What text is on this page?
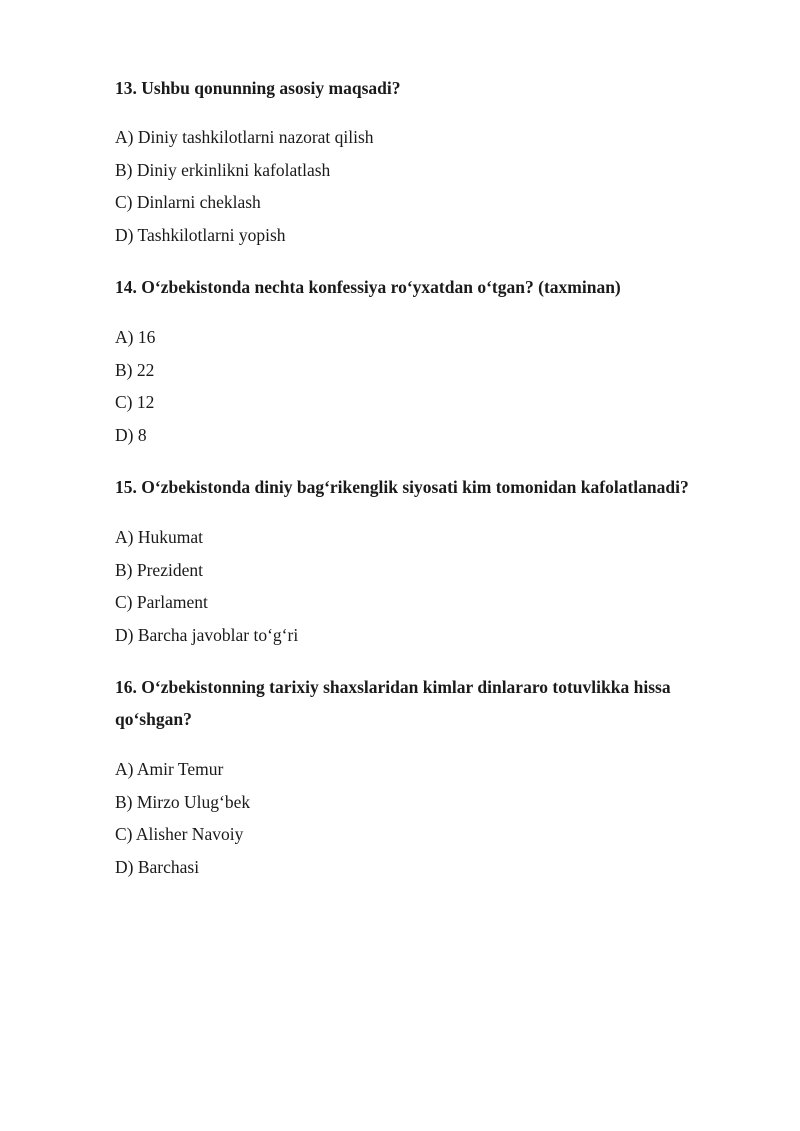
13. Ushbu qonunning asosiy maqsadi?

A) Diniy tashkilotlarni nazorat qilish
B) Diniy erkinlikni kafolatlash
C) Dinlarni cheklash
D) Tashkilotlarni yopish

14. O‘zbekistonda nechta konfessiya ro‘yxatdan o‘tgan? (taxminan)

A) 16
B) 22
C) 12
D) 8

15. O‘zbekistonda diniy bag‘rikenglik siyosati kim tomonidan kafolatlanadi?

A) Hukumat
B) Prezident
C) Parlament
D) Barcha javoblar to‘g‘ri

16. O‘zbekistonning tarixiy shaxslaridan kimlar dinlararo totuvlikka hissa qo‘shgan?

A) Amir Temur
B) Mirzo Ulug‘bek
C) Alisher Navoiy
D) Barchasi
